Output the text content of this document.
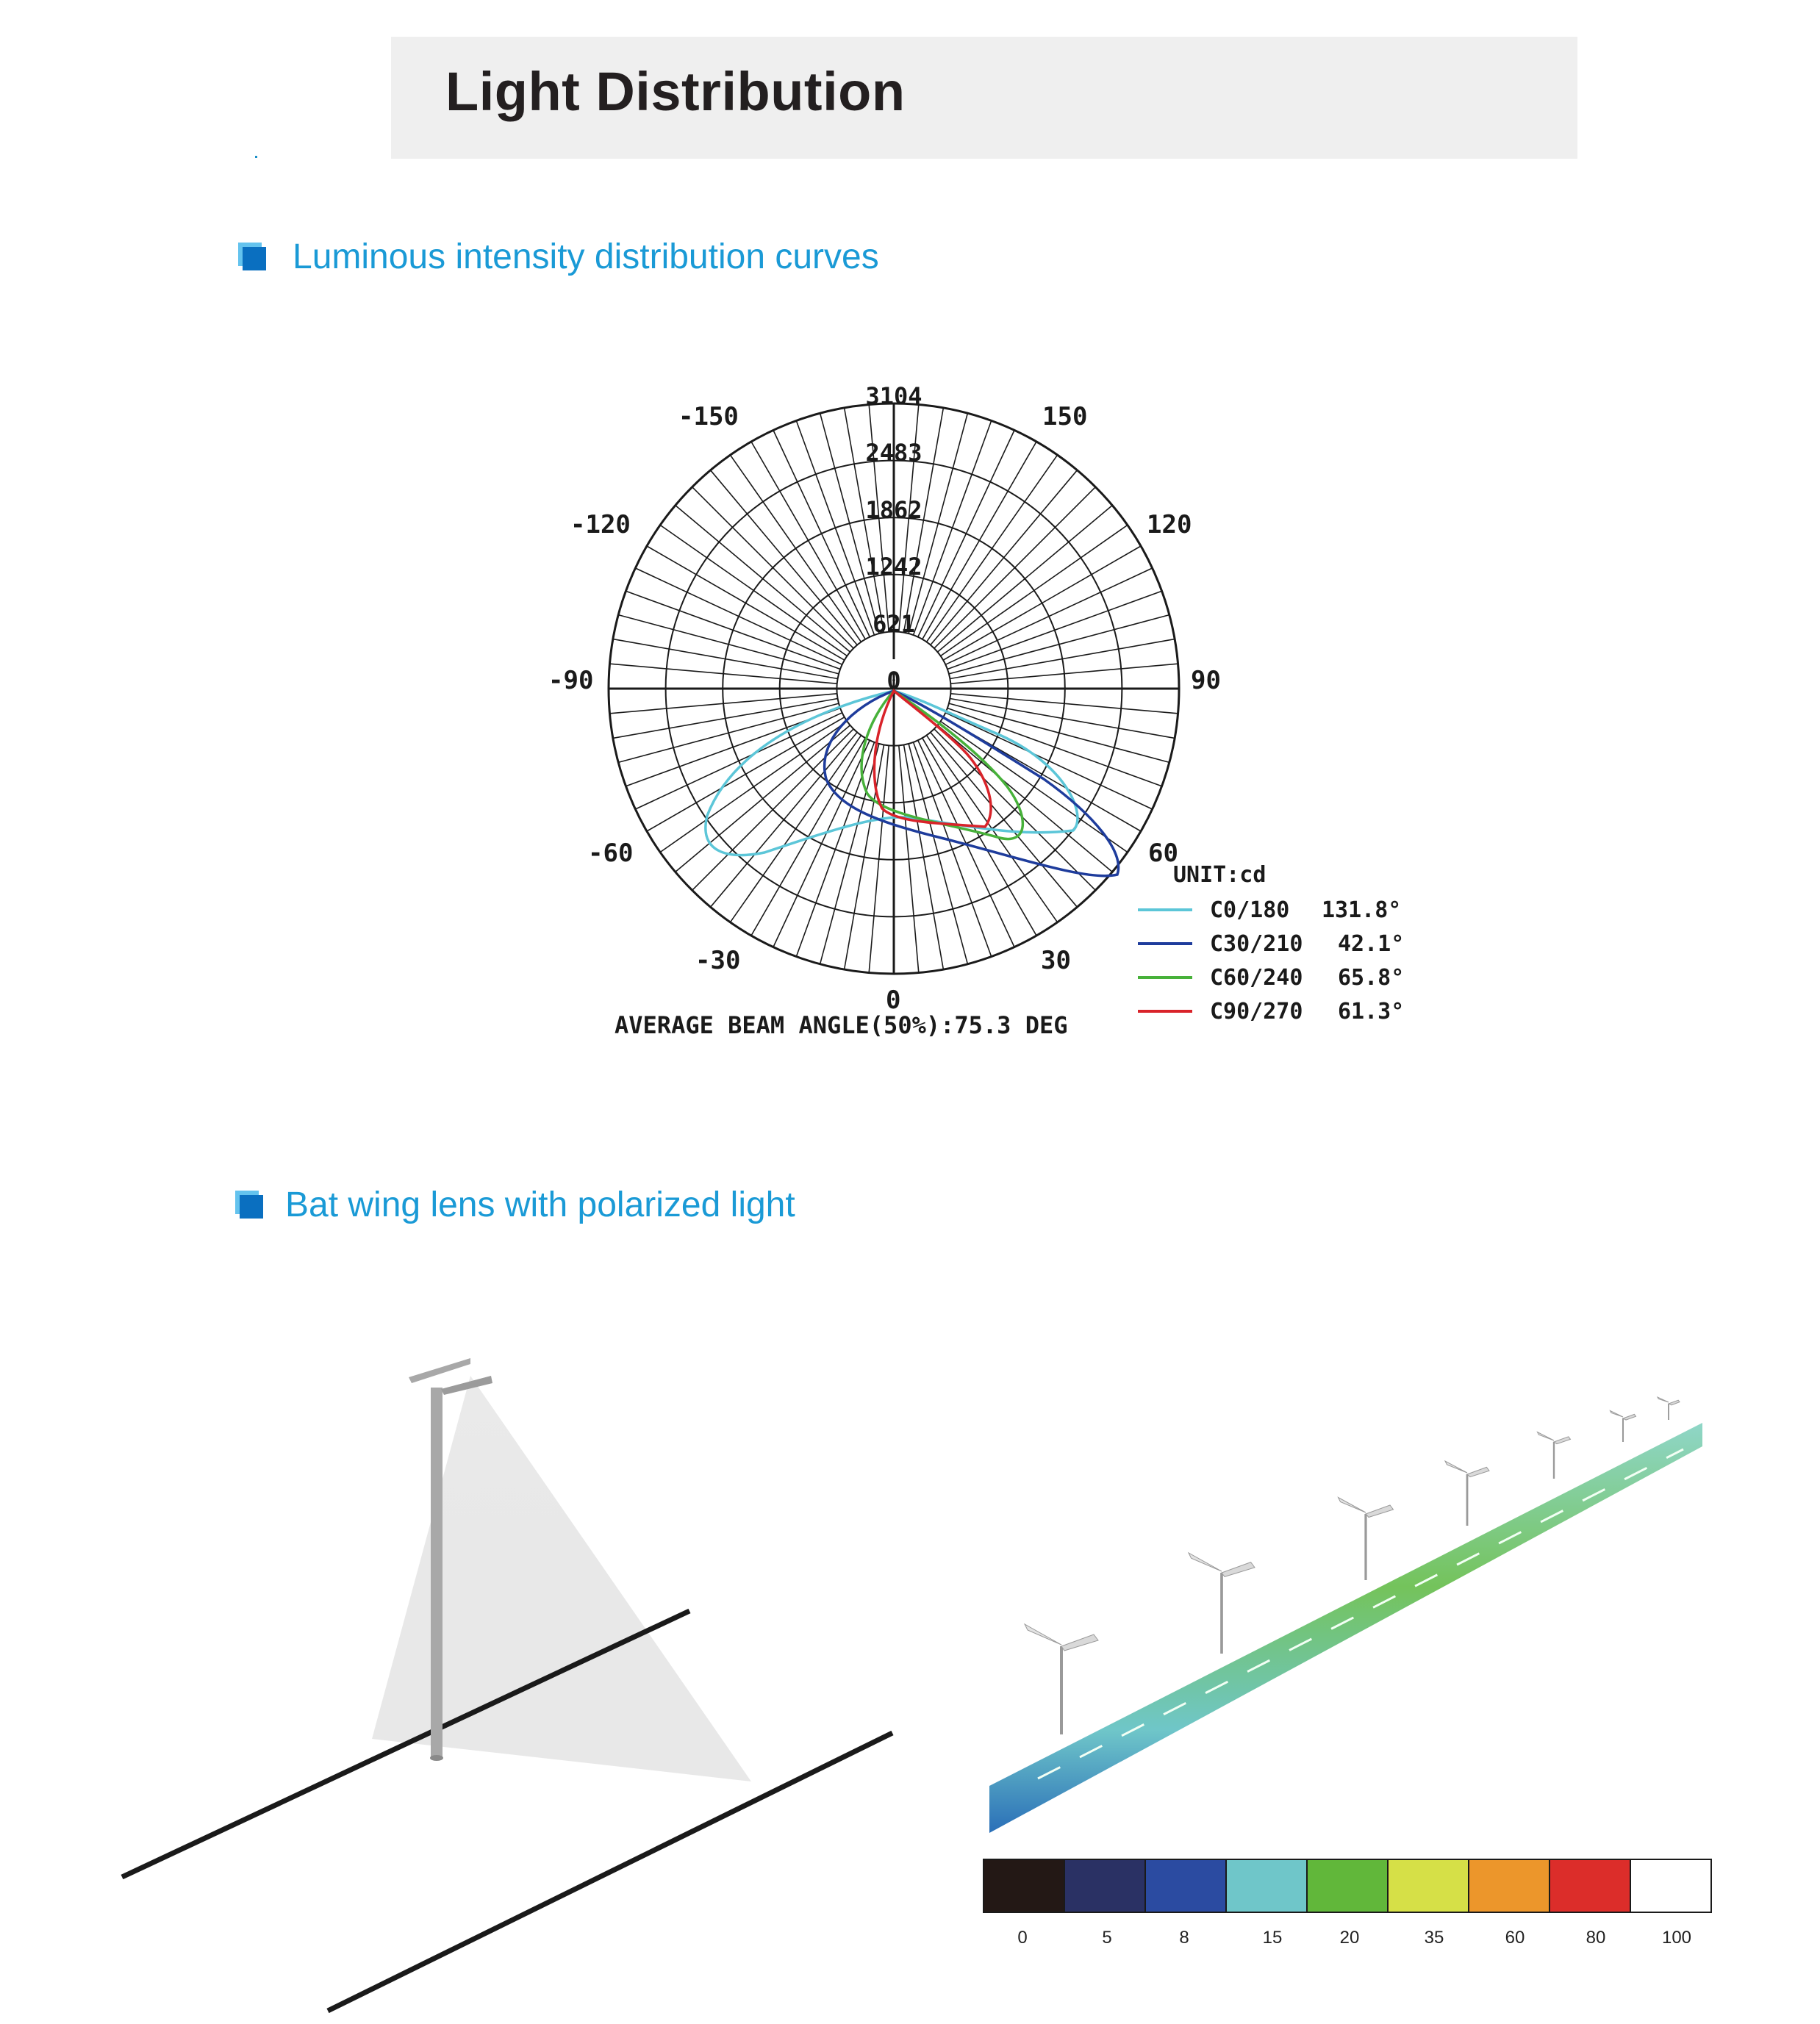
Light Distribution
Luminous intensity distribution curves
Bat wing lens with polarized light
-150	150
-120	120
-90	90
-60	60
-30	30
0
3104
2483
1862
1242
621
0
UNIT:cd
AVERAGE BEAM ANGLE(50%):75.3 DEG
C0/180 131.8°
C30/210 42.1°
C60/240 65.8°
C90/270 61.3°
0	5	8	15	20	35	60	80	100
